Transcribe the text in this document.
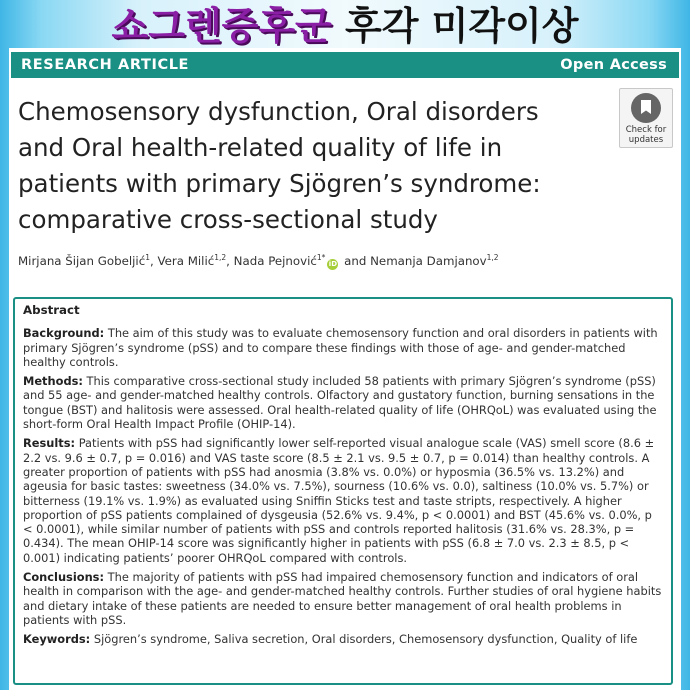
쇼그렌증후군 후각 미각이상
RESEARCH ARTICLE	Open Access
Chemosensory dysfunction, Oral disorders
and Oral health-related quality of life in
patients with primary Sjögren’s syndrome:
comparative cross-sectional study
Check for
updates
Mirjana Šijan Gobeljić$^1$, Vera Milić$^{1,2}$, Nada Pejnović$^{1*}$iD and Nemanja Damjanov$^{1,2}$
Abstract

Background: The aim of this study was to evaluate chemosensory function and oral disorders in patients with primary Sjögren’s syndrome (pSS) and to compare these findings with those of age- and gender-matched healthy controls.

Methods: This comparative cross-sectional study included 58 patients with primary Sjögren’s syndrome (pSS) and 55 age- and gender-matched healthy controls. Olfactory and gustatory function, burning sensations in the tongue (BST) and halitosis were assessed. Oral health-related quality of life (OHRQoL) was evaluated using the short-form Oral Health Impact Profile (OHIP-14).

Results: Patients with pSS had significantly lower self-reported visual analogue scale (VAS) smell score (8.6 ± 2.2 vs. 9.6 ± 0.7, p = 0.016) and VAS taste score (8.5 ± 2.1 vs. 9.5 ± 0.7, p = 0.014) than healthy controls. A greater proportion of patients with pSS had anosmia (3.8% vs. 0.0%) or hyposmia (36.5% vs. 13.2%) and ageusia for basic tastes: sweetness (34.0% vs. 7.5%), sourness (10.6% vs. 0.0), saltiness (10.0% vs. 5.7%) or bitterness (19.1% vs. 1.9%) as evaluated using Sniffin Sticks test and taste stripts, respectively. A higher proportion of pSS patients complained of dysgeusia (52.6% vs. 9.4%, p < 0.0001) and BST (45.6% vs. 0.0%, p < 0.0001), while similar number of patients with pSS and controls reported halitosis (31.6% vs. 28.3%, p = 0.434). The mean OHIP-14 score was significantly higher in patients with pSS (6.8 ± 7.0 vs. 2.3 ± 8.5, p < 0.001) indicating patients’ poorer OHRQoL compared with controls.

Conclusions: The majority of patients with pSS had impaired chemosensory function and indicators of oral health in comparison with the age- and gender-matched healthy controls. Further studies of oral hygiene habits and dietary intake of these patients are needed to ensure better management of oral health problems in patients with pSS.

Keywords: Sjögren’s syndrome, Saliva secretion, Oral disorders, Chemosensory dysfunction, Quality of life
